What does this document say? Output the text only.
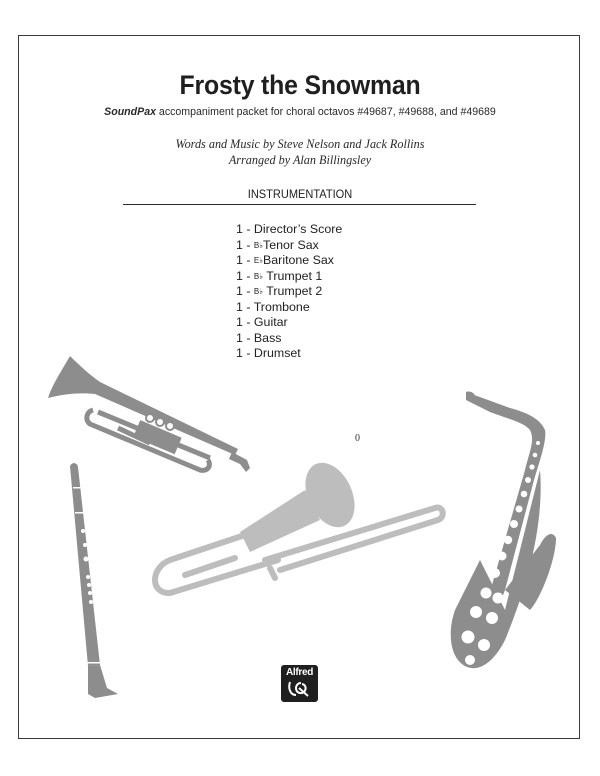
Frosty the Snowman
SoundPax accompaniment packet for choral octavos #49687, #49688, and #49689
Words and Music by Steve Nelson and Jack Rollins
Arranged by Alan Billingsley
INSTRUMENTATION
1 - Director’s Score
1 - B♭Tenor Sax
1 - E♭Baritone Sax
1 - B♭ Trumpet 1
1 - B♭ Trumpet 2
1 - Trombone
1 - Guitar
1 - Bass
1 - Drumset
0
Alfred
